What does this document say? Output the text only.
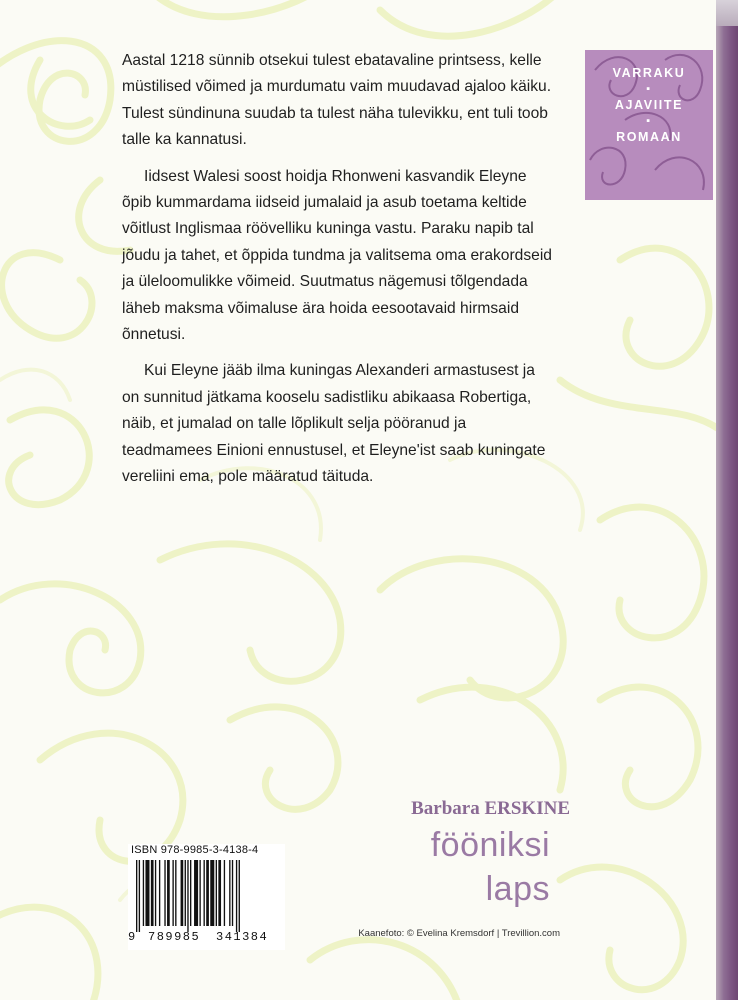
Aastal 1218 sünnib otsekui tulest ebatavaline printsess, kelle müstilised võimed ja murdumatu vaim muudavad ajaloo käiku. Tulest sündinuna suudab ta tulest näha tulevikku, ent tuli toob talle ka kannatusi.

Iidsest Walesi soost hoidja Rhonweni kasvandik Eleyne õpib kummardama iidseid jumalaid ja asub toetama keltide võitlust Inglismaa röövelliku kuninga vastu. Paraku napib tal jõudu ja tahet, et õppida tundma ja valitsema oma erakordseid ja üleloomulikke võimeid. Suutmatus nägemusi tõlgendada läheb maksma võimaluse ära hoida eesootavaid hirmsaid õnnetusi.

Kui Eleyne jääb ilma kuningas Alexanderi armastusest ja on sunnitud jätkama kooselu sadistliku abikaasa Robertiga, näib, et jumalad on talle lõplikult selja pööranud ja teadmamees Einioni ennustusel, et Eleyne'ist saab kuningate vereliini ema, pole määratud täituda.

VARRAKU
▪
AJAVIITE
▪
ROMAAN
Barbara ERSKINE
fööniksi
laps
Kaanefoto: © Evelina Kremsdorf | Trevillion.com
ISBN 978-9985-3-4138-4
9 789985 341384
